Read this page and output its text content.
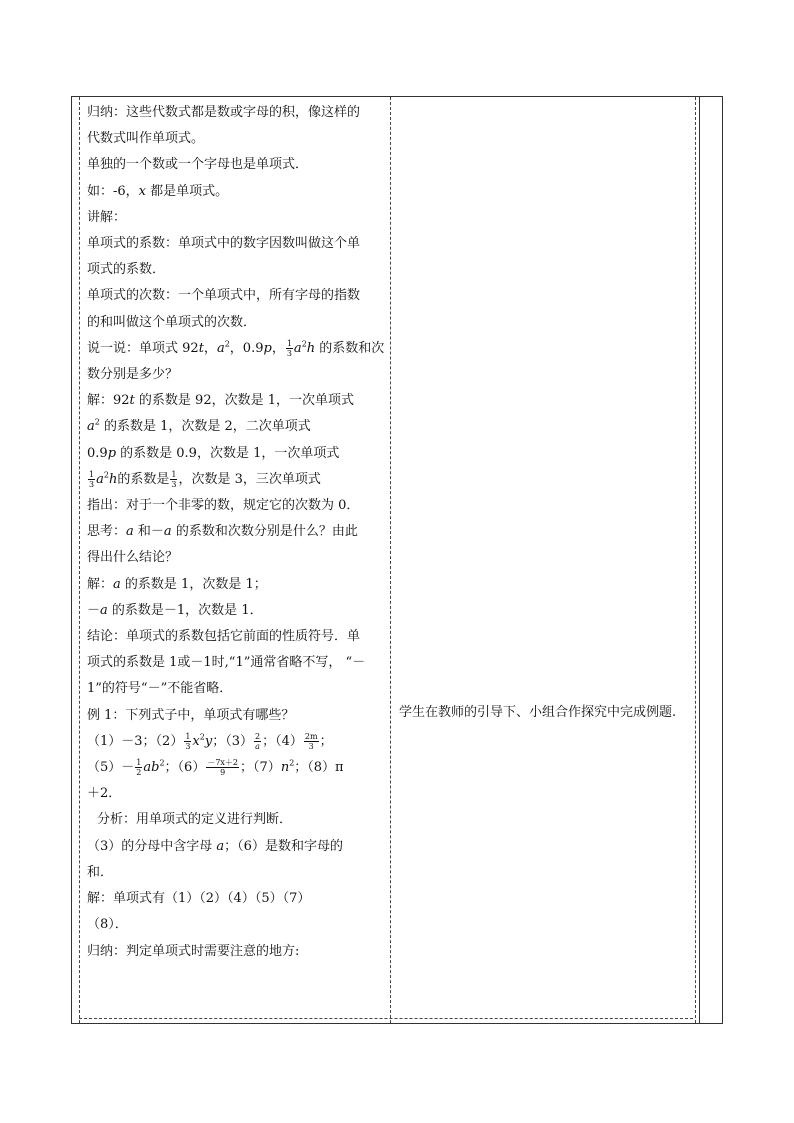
归纳：这些代数式都是数或字母的积，像这样的

代数式叫作单项式。

单独的一个数或一个字母也是单项式．

如：-6，x 都是单项式。

讲解：

单项式的系数：单项式中的数字因数叫做这个单

项式的系数．

单项式的次数：一个单项式中，所有字母的指数

的和叫做这个单项式的次数．

说一说：单项式 92t，$a^2$，0.9p， $\frac{1}{3} a^2h$ 的系数和次

数分别是多少？

解：92t 的系数是 92，次数是 1，一次单项式

$a^2$ 的系数是 1，次数是 2，二次单项式

0.9p 的系数是 0.9，次数是 1，一次单项式

$\frac{1}{3} a^2h$的系数是 $\frac{1}{3}$ ，次数是 3，三次单项式

指出：对于一个非零的数，规定它的次数为 0．

思考：a 和－a 的系数和次数分别是什么？由此

得出什么结论？

解：a 的系数是 1，次数是 1；

－a 的系数是－1，次数是 1．

结论：单项式的系数包括它前面的性质符号．单

项式的系数是 1或－1时,“1”通常省略不写， “－

1”的符号“－”不能省略．

例 1：下列式子中，单项式有哪些？

（1）－3；$(2) \frac{1}{3} x^2y$；$(3) \frac{2}{a}$ ；$(4) \frac{2m}{3}$ ；

$(5)- \frac{1}{2} ab^2$；$(6) \frac{-7x+2}{9}$ ；$(7)n^2$；（8）π

＋2．

分析：用单项式的定义进行判断．

（3）的分母中含字母 a；（6）是数和字母的

和．

解：单项式有（1）（2）（4）（5）（7）

（8）．

归纳：判定单项式时需要注意的地方:

学生在教师的引导下、小组合作探究中完成例题.
